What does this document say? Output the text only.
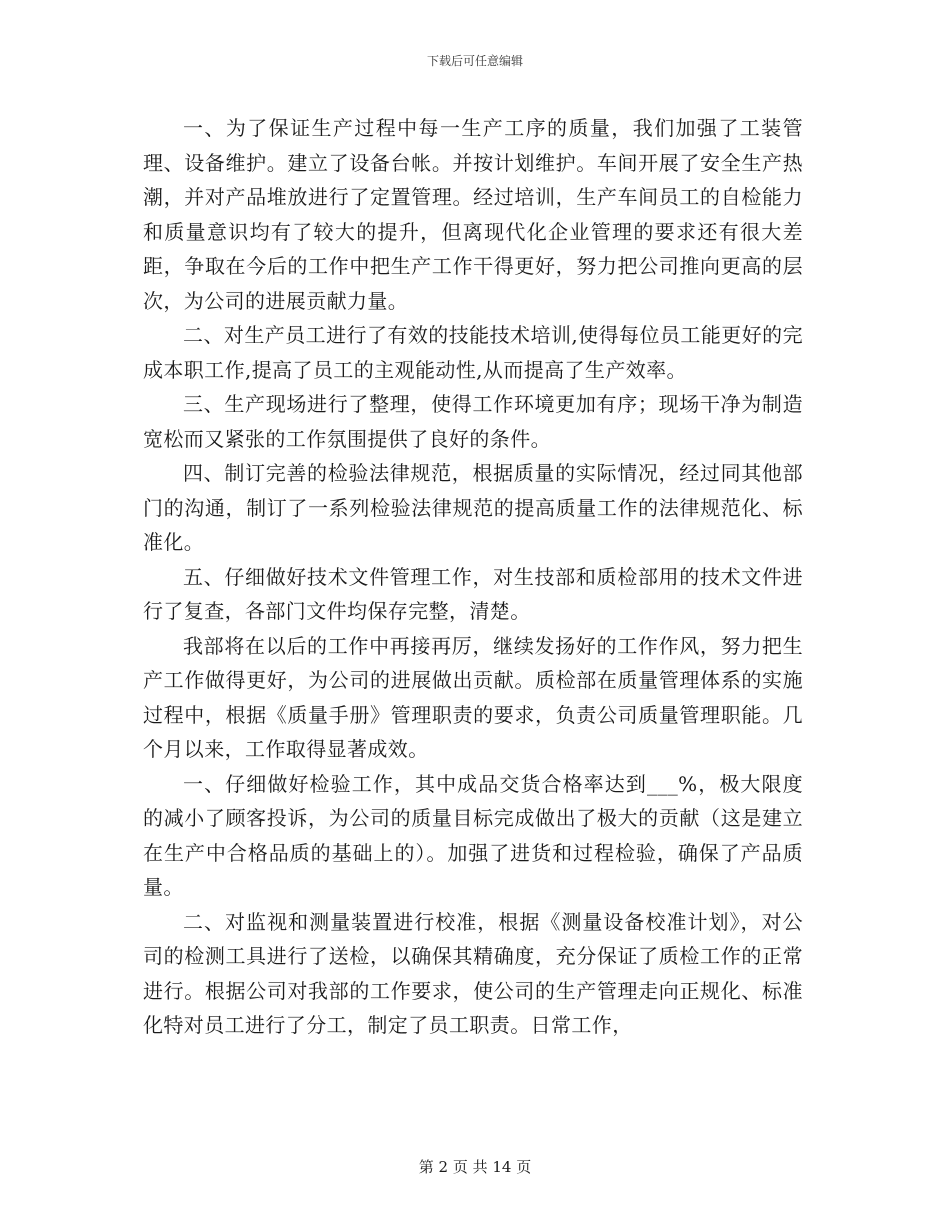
下载后可任意编辑

一、为了保证生产过程中每一生产工序的质量，我们加强了工装管理、设备维护。建立了设备台帐。并按计划维护。车间开展了安全生产热潮，并对产品堆放进行了定置管理。经过培训，生产车间员工的自检能力和质量意识均有了较大的提升，但离现代化企业管理的要求还有很大差距，争取在今后的工作中把生产工作干得更好，努力把公司推向更高的层次，为公司的进展贡献力量。

二、对生产员工进行了有效的技能技术培训,使得每位员工能更好的完成本职工作,提高了员工的主观能动性,从而提高了生产效率。

三、生产现场进行了整理，使得工作环境更加有序；现场干净为制造宽松而又紧张的工作氛围提供了良好的条件。

四、制订完善的检验法律规范，根据质量的实际情况，经过同其他部门的沟通，制订了一系列检验法律规范的提高质量工作的法律规范化、标准化。

五、仔细做好技术文件管理工作，对生技部和质检部用的技术文件进行了复查，各部门文件均保存完整，清楚。

我部将在以后的工作中再接再厉，继续发扬好的工作作风，努力把生产工作做得更好，为公司的进展做出贡献。质检部在质量管理体系的实施过程中，根据《质量手册》管理职责的要求，负责公司质量管理职能。几个月以来，工作取得显著成效。

一、仔细做好检验工作，其中成品交货合格率达到___%，极大限度的减小了顾客投诉，为公司的质量目标完成做出了极大的贡献（这是建立在生产中合格品质的基础上的）。加强了进货和过程检验，确保了产品质量。

二、对监视和测量装置进行校准，根据《测量设备校准计划》，对公司的检测工具进行了送检，以确保其精确度，充分保证了质检工作的正常进行。根据公司对我部的工作要求，使公司的生产管理走向正规化、标准化特对员工进行了分工，制定了员工职责。日常工作，

第 2 页 共 14 页
